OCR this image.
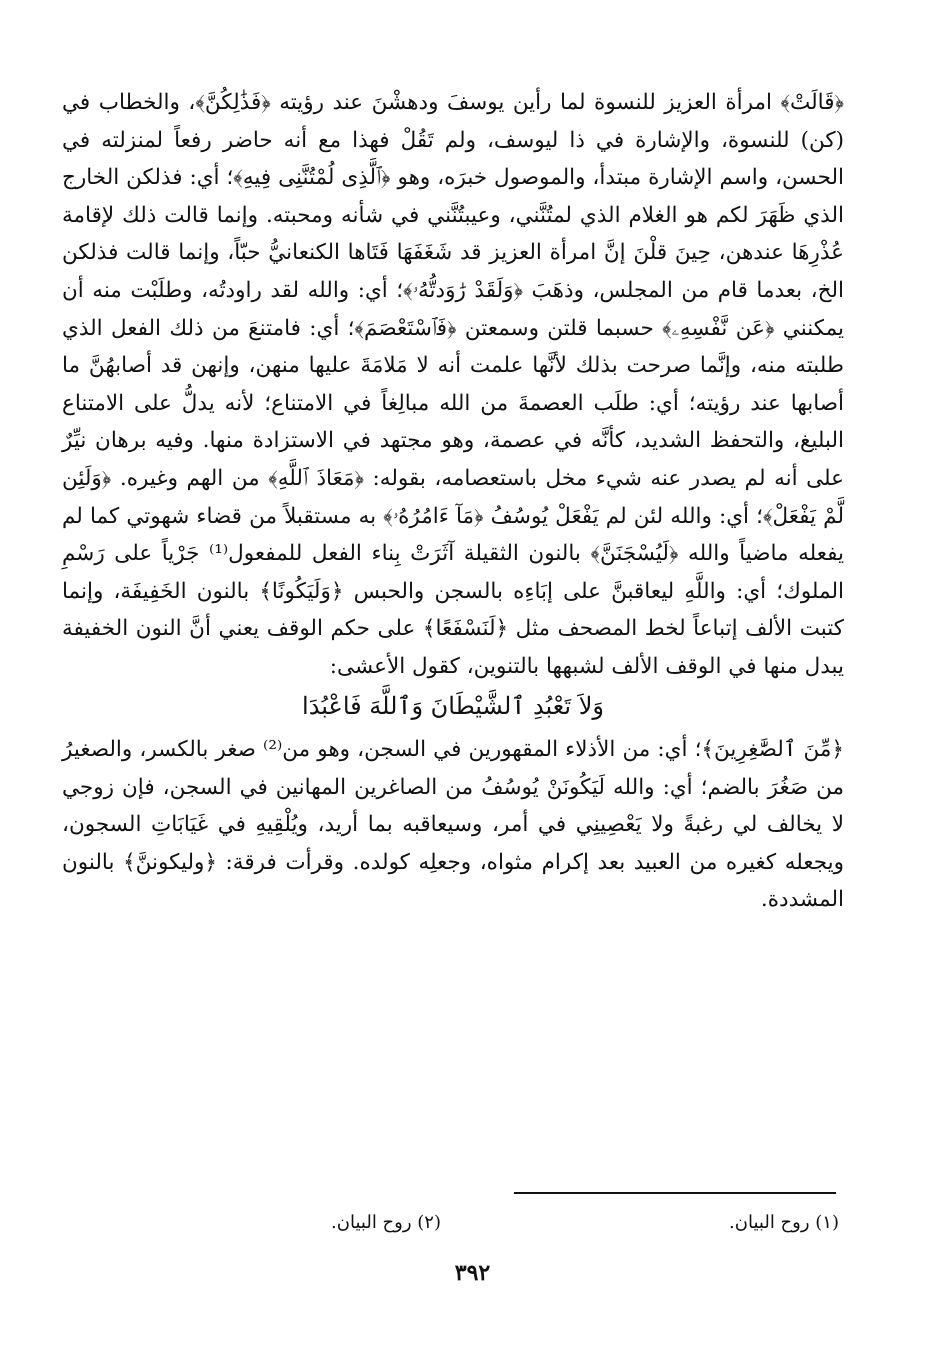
﴿قَالَتْ﴾ امرأة العزيز للنسوة لما رأين يوسفَ ودهشْنَ عند رؤيته ﴿فَذَٰلِكُنَّ﴾، والخطاب في (كن) للنسوة، والإشارة في ذا ليوسف، ولم تَقُلْ فهذا مع أنه حاضر رفعاً لمنزلته في الحسن، واسم الإشارة مبتدأ، والموصول خبرَه، وهو ﴿ٱلَّذِى لُمْتُنَّنِى فِيهِ﴾؛ أي: فذلكن الخارج الذي ظَهَرَ لكم هو الغلام الذي لمتُنَّني، وعيبتُنَّني في شأنه ومحبته. وإنما قالت ذلك لإقامة عُذْرِهَا عندهن، حِينَ قلْنَ إنَّ امرأة العزيز قد شَغَفَهَا فَتَاها الكنعانيُّ حبّاً، وإنما قالت فذلكن الخ، بعدما قام من المجلس، وذهَبَ ﴿وَلَقَدْ رَٰوَدتُّهُۥ﴾؛ أي: والله لقد راودتُه، وطلَبْت منه أن يمكنني ﴿عَن نَّفْسِهِۦ﴾ حسبما قلتن وسمعتن ﴿فَٱسْتَعْصَمَ﴾؛ أي: فامتنعَ من ذلك الفعل الذي طلبته منه، وإنَّما صرحت بذلك لأنَّها علمت أنه لا مَلامَةَ عليها منهن، وإنهن قد أصابهُنَّ ما أصابها عند رؤيته؛ أي: طلَب العصمةَ من الله مبالِغاً في الامتناع؛ لأنه يدلُّ على الامتناع البليغ، والتحفظ الشديد، كأنَّه في عصمة، وهو مجتهد في الاستزادة منها. وفيه برهان نيِّرٌ على أنه لم يصدر عنه شيء مخل باستعصامه، بقوله: ﴿مَعَاذَ ٱللَّهِ﴾ من الهم وغيره. ﴿وَلَئِن لَّمْ يَفْعَلْ﴾؛ أي: والله لئن لم يَفْعَلْ يُوسُفُ ﴿مَآ ءَامُرُهُۥ﴾ به مستقبلاً من قضاء شهوتي كما لم يفعله ماضياً والله ﴿لَيُسْجَنَنَّ﴾ بالنون الثقيلة آثَرَتْ بِناء الفعل للمفعول⁽¹⁾ جَرْياً على رَسْمِ الملوك؛ أي: واللَّهِ ليعاقبنَّ على إبَاءِه بالسجن والحبس ﴿وَلَيَكُونًا﴾ بالنون الخَفِيفَة، وإنما كتبت الألف إتباعاً لخط المصحف مثل ﴿لَنَسْفَعًا﴾ على حكم الوقف يعني أنَّ النون الخفيفة يبدل منها في الوقف الألف لشبهها بالتنوين، كقول الأعشى:

وَلاَ تَعْبُدِ ٱلشَّيْطَانَ وَٱللَّهَ فَاعْبُدَا

﴿مِّنَ ٱلصَّٰغِرِينَ﴾؛ أي: من الأذلاء المقهورين في السجن، وهو من⁽²⁾ صغر بالكسر، والصغيرُ من صَغُرَ بالضم؛ أي: والله لَيَكُونَنْ يُوسُفُ من الصاغرين المهانين في السجن، فإن زوجي لا يخالف لي رغبةً ولا يَعْصِينِي في أمر، وسيعاقبه بما أريد، ويُلْقِيهِ في غَيَابَاتِ السجون، ويجعله كغيره من العبيد بعد إكرام مثواه، وجعلِه كولده. وقرأت فرقة: ﴿وليكوننَّ﴾ بالنون المشددة.

(١) روح البيان.
(٢) روح البيان.
٣٩٢
